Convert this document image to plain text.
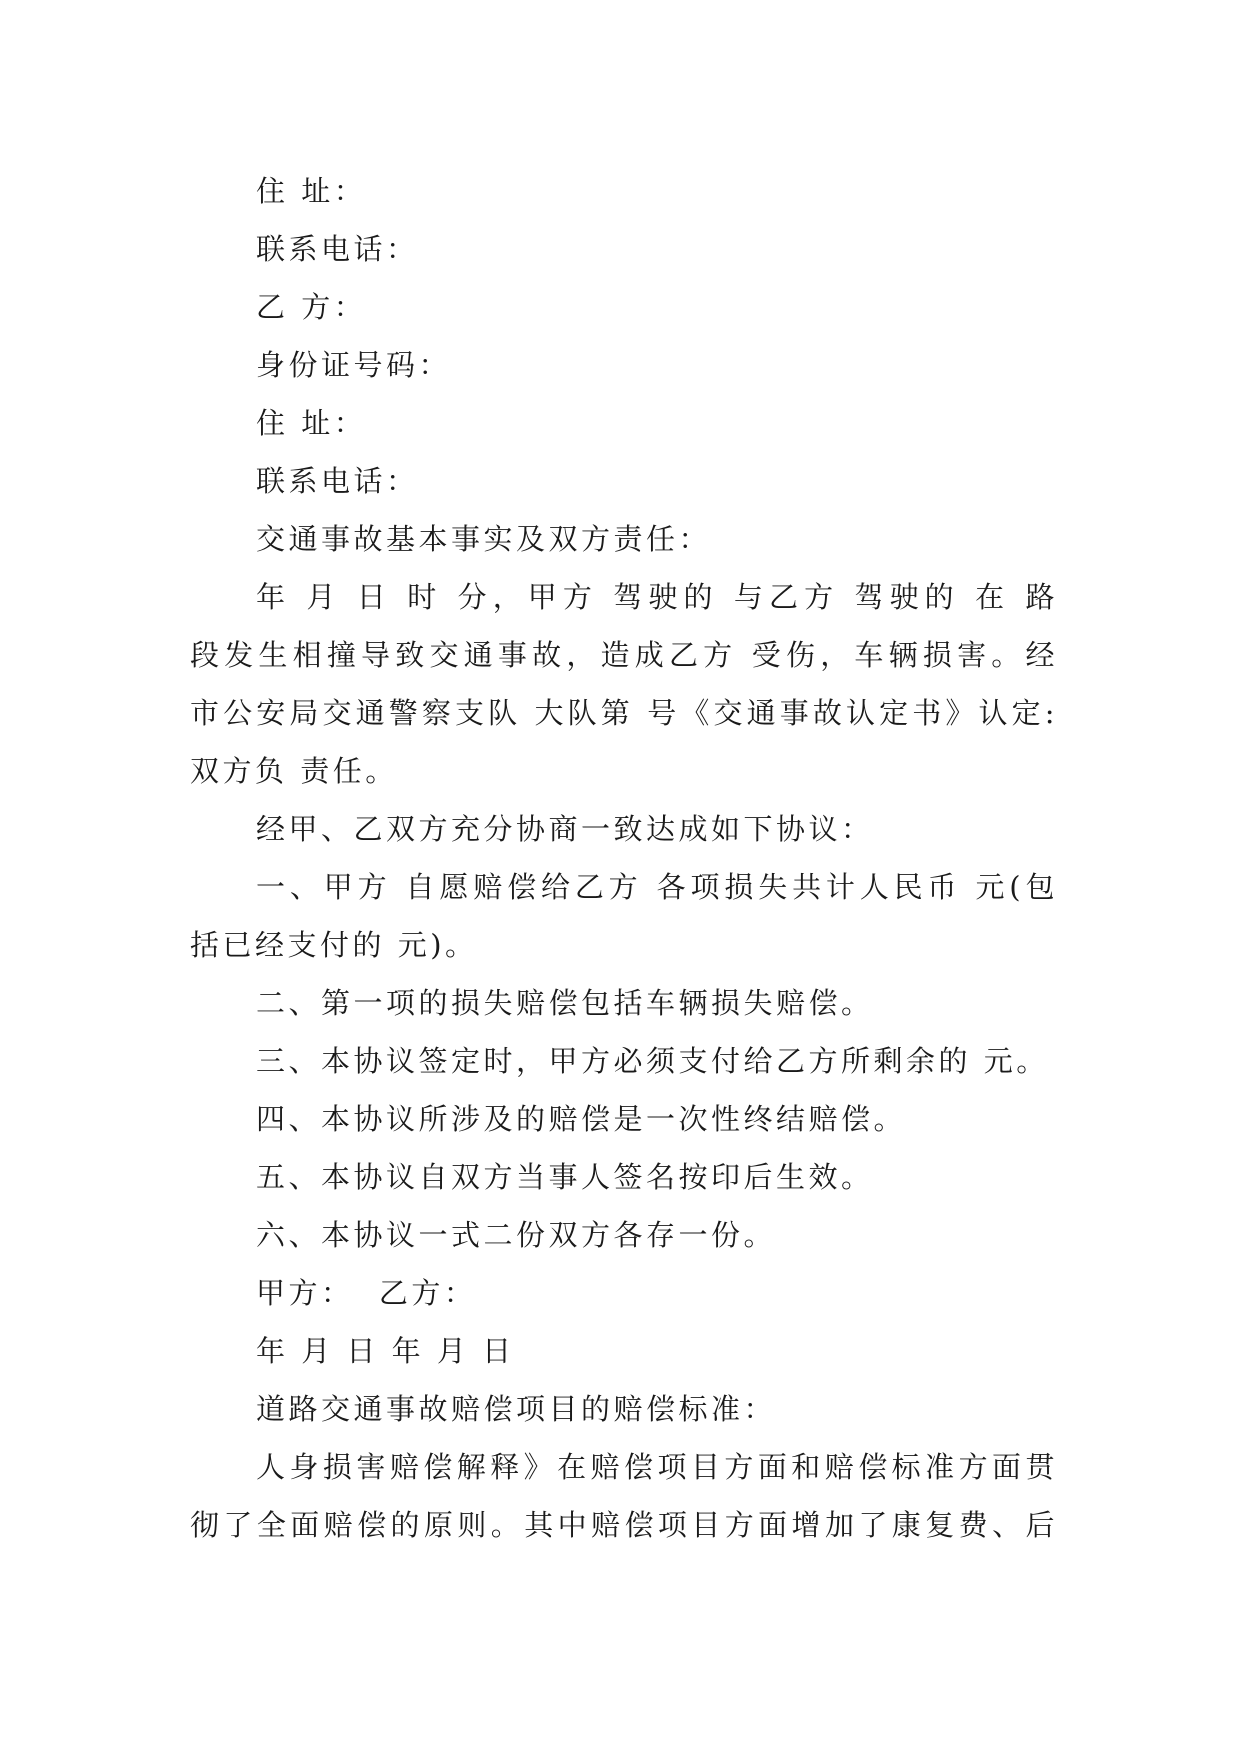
住 址：
联系电话：
乙 方：
身份证号码：
住 址：
联系电话：
交通事故基本事实及双方责任：
年 月 日 时 分，甲方 驾驶的 与乙方 驾驶的 在 路
段发生相撞导致交通事故，造成乙方 受伤，车辆损害。经
市公安局交通警察支队 大队第 号《交通事故认定书》认定:
双方负 责任。
经甲、乙双方充分协商一致达成如下协议：
一、甲方 自愿赔偿给乙方 各项损失共计人民币 元(包
括已经支付的 元)。
二、第一项的损失赔偿包括车辆损失赔偿。
三、本协议签定时，甲方必须支付给乙方所剩余的 元。
四、本协议所涉及的赔偿是一次性终结赔偿。
五、本协议自双方当事人签名按印后生效。
六、本协议一式二份双方各存一份。
甲方：  乙方：
年 月 日 年 月 日
道路交通事故赔偿项目的赔偿标准：
人身损害赔偿解释》在赔偿项目方面和赔偿标准方面贯
彻了全面赔偿的原则。其中赔偿项目方面增加了康复费、后
